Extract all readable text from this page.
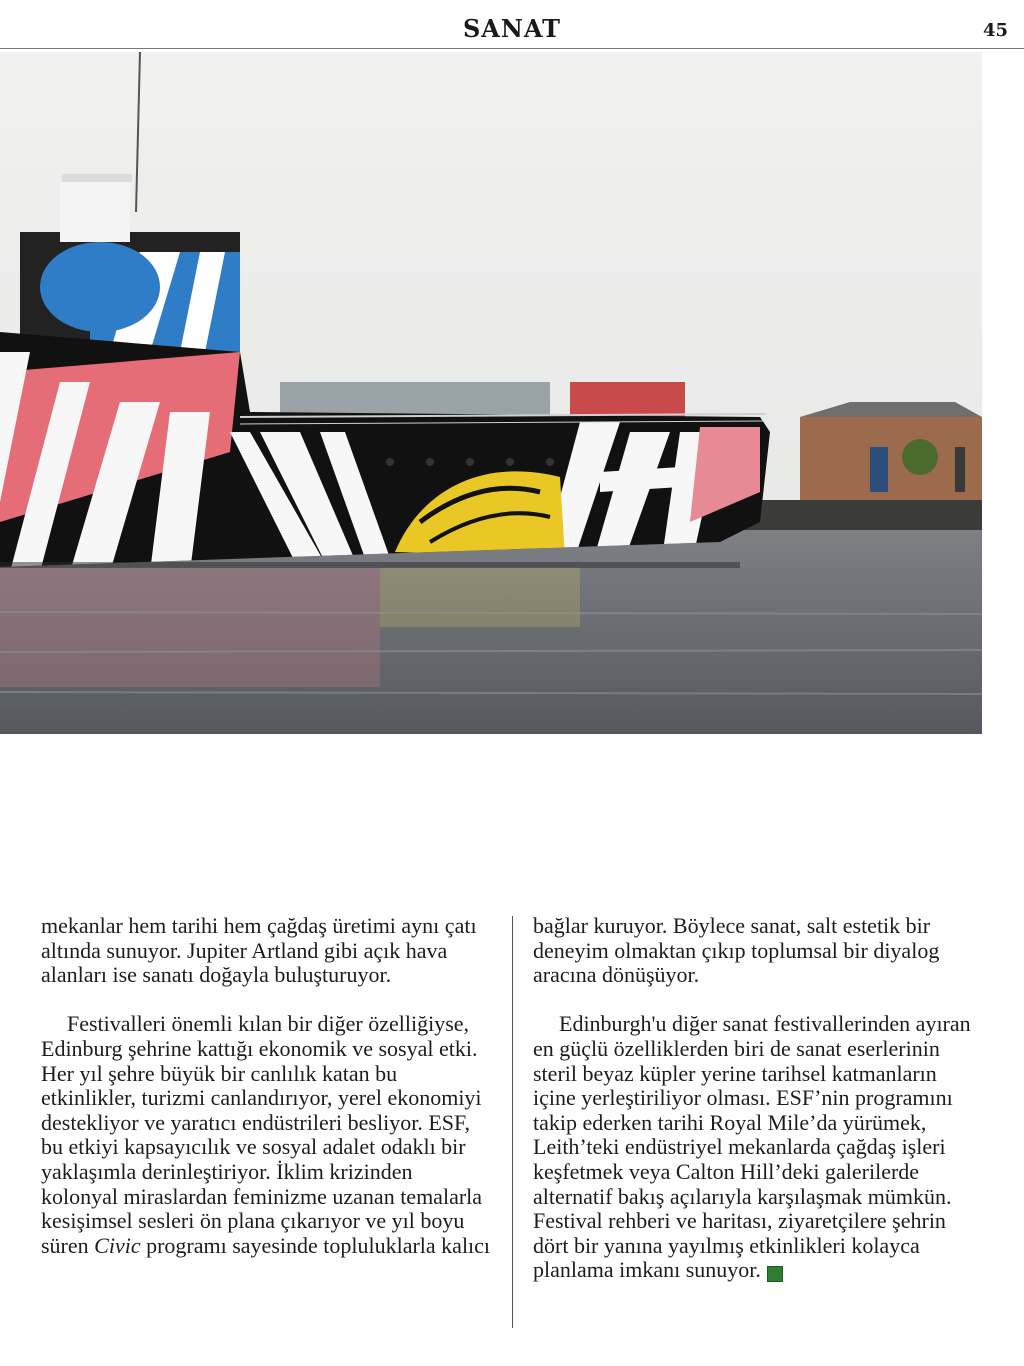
SANAT	45

mekanlar hem tarihi hem çağdaş üretimi aynı çatı altında sunuyor. Jupiter Artland gibi açık hava alanları ise sanatı doğayla buluşturuyor.

Festivalleri önemli kılan bir diğer özelliğiyse, Edinburg şehrine kattığı ekonomik ve sosyal etki. Her yıl şehre büyük bir canlılık katan bu etkinlikler, turizmi canlandırıyor, yerel ekonomiyi destekliyor ve yaratıcı endüstrileri besliyor. ESF, bu etkiyi kapsayıcılık ve sosyal adalet odaklı bir yaklaşımla derinleştiriyor. İklim krizinden kolonyal miraslardan feminizme uzanan temalarla kesişimsel sesleri ön plana çıkarıyor ve yıl boyu süren Civic programı sayesinde topluluklarla kalıcı

bağlar kuruyor. Böylece sanat, salt estetik bir deneyim olmaktan çıkıp toplumsal bir diyalog aracına dönüşüyor.

Edinburgh'u diğer sanat festivallerinden ayıran en güçlü özelliklerden biri de sanat eserlerinin steril beyaz küpler yerine tarihsel katmanların içine yerleştiriliyor olması. ESF’nin programını takip ederken tarihi Royal Mile’da yürümek, Leith’teki endüstriyel mekanlarda çağdaş işleri keşfetmek veya Calton Hill’deki galerilerde alternatif bakış açılarıyla karşılaşmak mümkün. Festival rehberi ve haritası, ziyaretçilere şehrin dört bir yanına yayılmış etkinlikleri kolayca planlama imkanı sunuyor.	M
